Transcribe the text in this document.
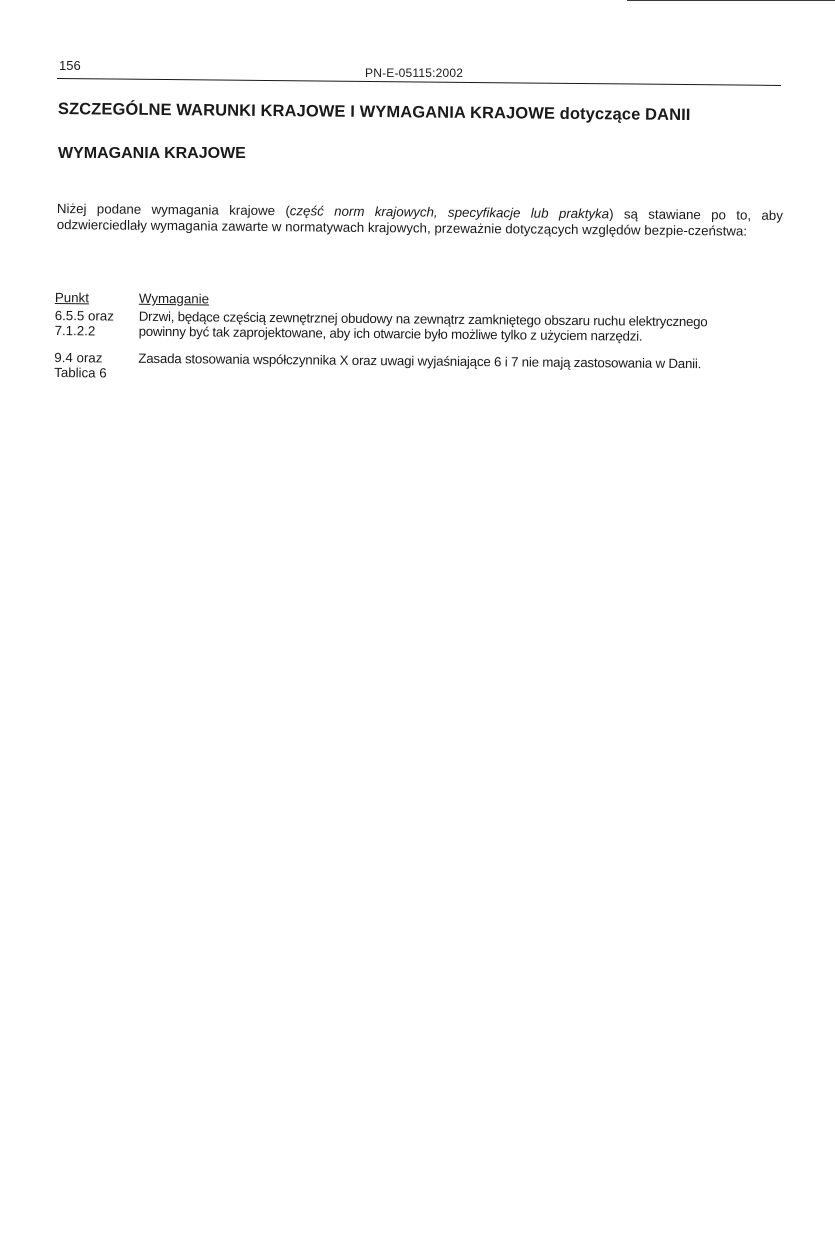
156	PN-E-05115:2002
SZCZEGÓLNE WARUNKI KRAJOWE I WYMAGANIA KRAJOWE dotyczące DANII
WYMAGANIA KRAJOWE

Niżej podane wymagania krajowe (część norm krajowych, specyfikacje lub praktyka) są stawiane po to, aby odzwierciedlały wymagania zawarte w normatywach krajowych, przeważnie dotyczących względów bezpie-czeństwa:

Punkt	Wymaganie
6.5.5 oraz
7.1.2.2
Drzwi, będące częścią zewnętrznej obudowy na zewnątrz zamkniętego obszaru ruchu elektrycznego
powinny być tak zaprojektowane, aby ich otwarcie było możliwe tylko z użyciem narzędzi.
9.4 oraz
Tablica 6
Zasada stosowania współczynnika X oraz uwagi wyjaśniające 6 i 7 nie mają zastosowania w Danii.
